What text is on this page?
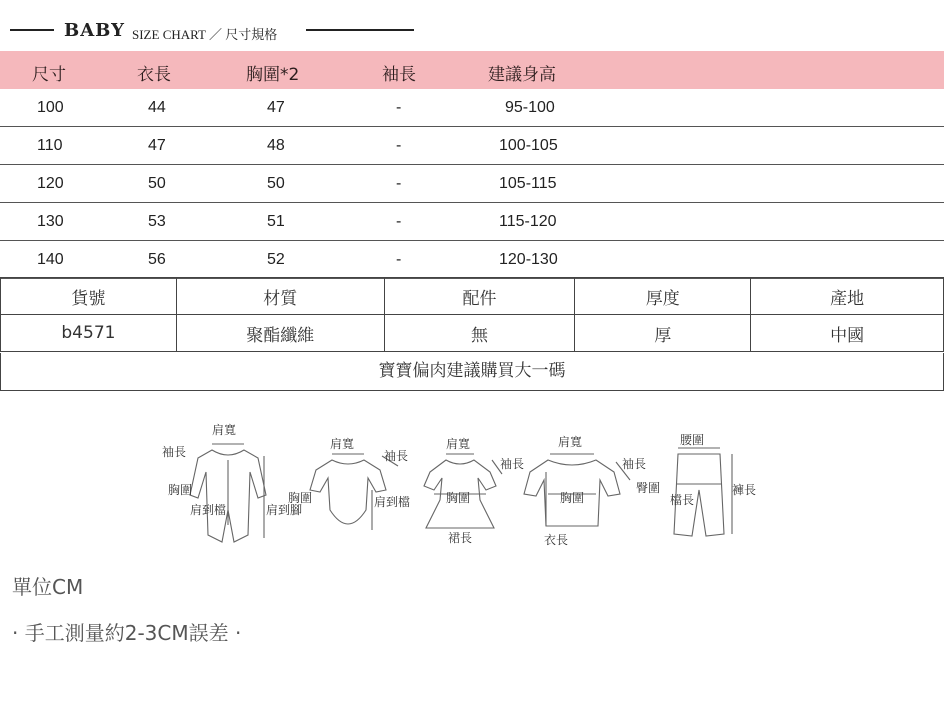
BABY SIZE CHART ／ 尺寸規格
尺寸	衣長	胸圍*2	袖長	建議身高
100	44	47	-	95-100
110	47	48	-	100-105
120	50	50	-	105-115
130	53	51	-	115-120
140	56	52	-	120-130
貨號	材質	配件	厚度	產地
b4571	聚酯纖維	無	厚	中國
寶寶偏肉建議購買大一碼
肩寬
袖長
胸圍
肩到檔	肩到腳
肩寬
袖長
胸圍	肩到檔
肩寬
袖長
胸圍
裙長
肩寬
袖長
胸圍
衣長
腰圍
臀圍
檔長
褲長
單位CM
· 手工測量約2-3CM誤差 ·
